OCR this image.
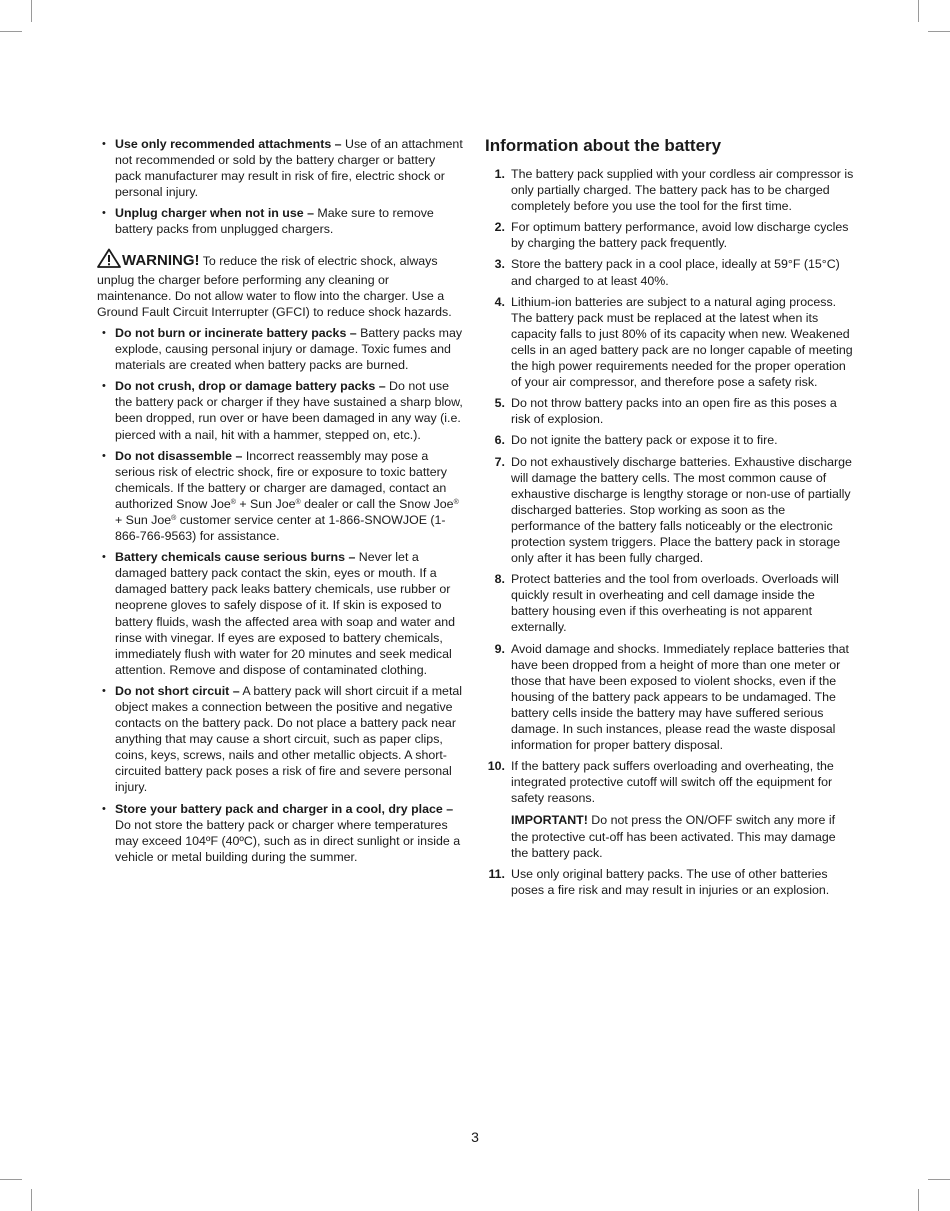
• Use only recommended attachments – Use of an attachment not recommended or sold by the battery charger or battery pack manufacturer may result in risk of fire, electric shock or personal injury.
• Unplug charger when not in use – Make sure to remove battery packs from unplugged chargers.

WARNING! To reduce the risk of electric shock, always unplug the charger before performing any cleaning or maintenance. Do not allow water to flow into the charger. Use a Ground Fault Circuit Interrupter (GFCI) to reduce shock hazards.

• Do not burn or incinerate battery packs – Battery packs may explode, causing personal injury or damage. Toxic fumes and materials are created when battery packs are burned.
• Do not crush, drop or damage battery packs – Do not use the battery pack or charger if they have sustained a sharp blow, been dropped, run over or have been damaged in any way (i.e. pierced with a nail, hit with a hammer, stepped on, etc.).
• Do not disassemble – Incorrect reassembly may pose a serious risk of electric shock, fire or exposure to toxic battery chemicals. If the battery or charger are damaged, contact an authorized Snow Joe® + Sun Joe® dealer or call the Snow Joe® + Sun Joe® customer service center at 1-866-SNOWJOE (1-866-766-9563) for assistance.
• Battery chemicals cause serious burns – Never let a damaged battery pack contact the skin, eyes or mouth. If a damaged battery pack leaks battery chemicals, use rubber or neoprene gloves to safely dispose of it. If skin is exposed to battery fluids, wash the affected area with soap and water and rinse with vinegar. If eyes are exposed to battery chemicals, immediately flush with water for 20 minutes and seek medical attention. Remove and dispose of contaminated clothing.
• Do not short circuit – A battery pack will short circuit if a metal object makes a connection between the positive and negative contacts on the battery pack. Do not place a battery pack near anything that may cause a short circuit, such as paper clips, coins, keys, screws, nails and other metallic objects. A short-circuited battery pack poses a risk of fire and severe personal injury.
• Store your battery pack and charger in a cool, dry place – Do not store the battery pack or charger where temperatures may exceed 104ºF (40ºC), such as in direct sunlight or inside a vehicle or metal building during the summer.
Information about the battery
1. The battery pack supplied with your cordless air compressor is only partially charged. The battery pack has to be charged completely before you use the tool for the first time.
2. For optimum battery performance, avoid low discharge cycles by charging the battery pack frequently.
3. Store the battery pack in a cool place, ideally at 59°F (15°C) and charged to at least 40%.
4. Lithium-ion batteries are subject to a natural aging process. The battery pack must be replaced at the latest when its capacity falls to just 80% of its capacity when new. Weakened cells in an aged battery pack are no longer capable of meeting the high power requirements needed for the proper operation of your air compressor, and therefore pose a safety risk.
5. Do not throw battery packs into an open fire as this poses a risk of explosion.
6. Do not ignite the battery pack or expose it to fire.
7. Do not exhaustively discharge batteries. Exhaustive discharge will damage the battery cells. The most common cause of exhaustive discharge is lengthy storage or non-use of partially discharged batteries. Stop working as soon as the performance of the battery falls noticeably or the electronic protection system triggers. Place the battery pack in storage only after it has been fully charged.
8. Protect batteries and the tool from overloads. Overloads will quickly result in overheating and cell damage inside the battery housing even if this overheating is not apparent externally.
9. Avoid damage and shocks. Immediately replace batteries that have been dropped from a height of more than one meter or those that have been exposed to violent shocks, even if the housing of the battery pack appears to be undamaged. The battery cells inside the battery may have suffered serious damage. In such instances, please read the waste disposal information for proper battery disposal.
10. If the battery pack suffers overloading and overheating, the integrated protective cutoff will switch off the equipment for safety reasons.

IMPORTANT! Do not press the ON/OFF switch any more if the protective cut-off has been activated. This may damage the battery pack.

11. Use only original battery packs. The use of other batteries poses a fire risk and may result in injuries or an explosion.
3
